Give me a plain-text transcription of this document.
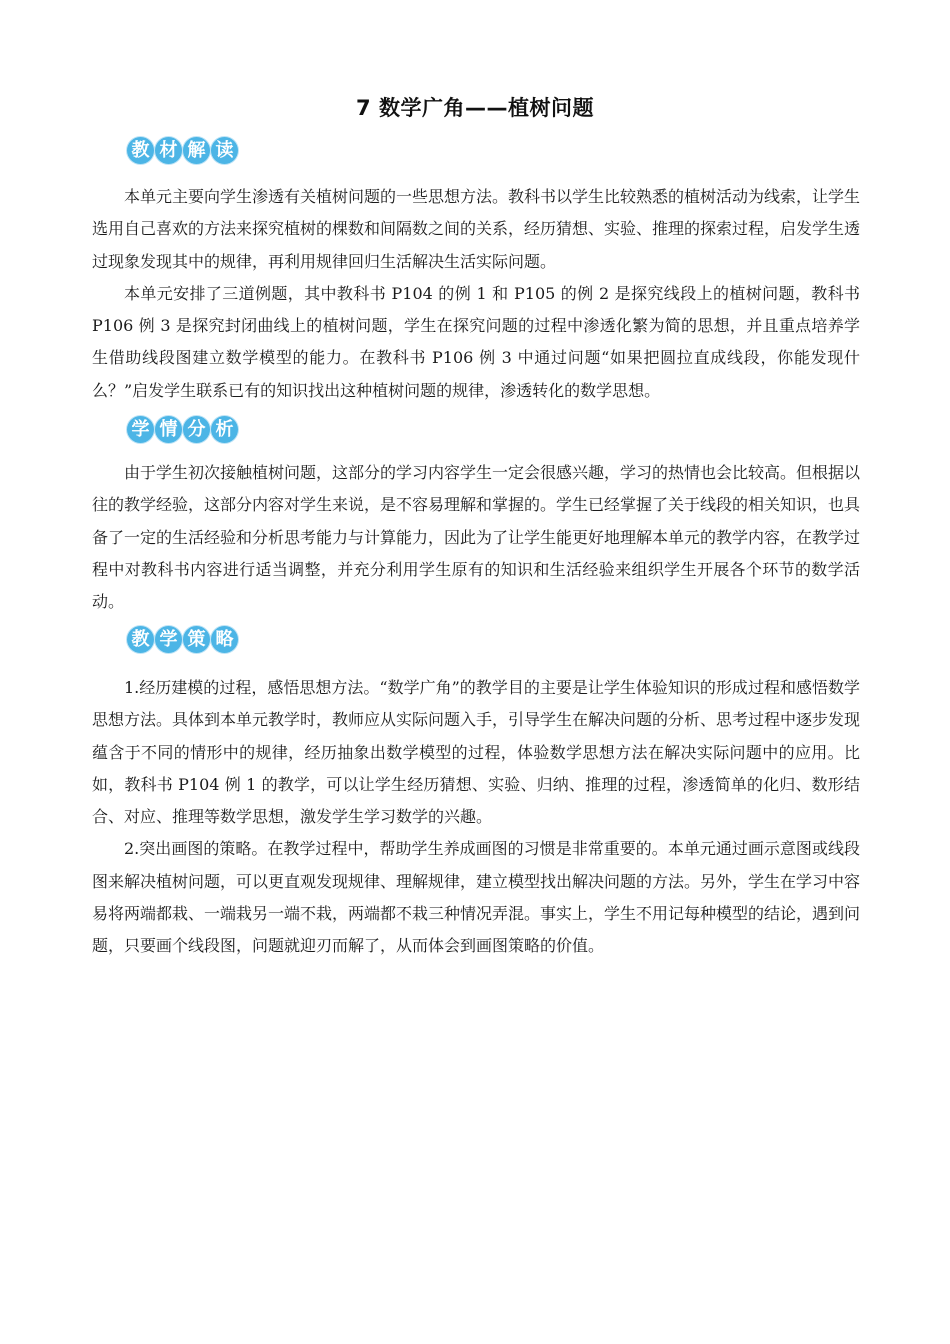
7 数学广角——植树问题
教 材 解 读

本单元主要向学生渗透有关植树问题的一些思想方法。教科书以学生比较熟悉的植树活动为线索，让学生选用自己喜欢的方法来探究植树的棵数和间隔数之间的关系，经历猜想、实验、推理的探索过程，启发学生透过现象发现其中的规律，再利用规律回归生活解决生活实际问题。

本单元安排了三道例题，其中教科书 P104 的例 1 和 P105 的例 2 是探究线段上的植树问题，教科书 P106 例 3 是探究封闭曲线上的植树问题，学生在探究问题的过程中渗透化繁为简的思想，并且重点培养学生借助线段图建立数学模型的能力。在教科书 P106 例 3 中通过问题“如果把圆拉直成线段，你能发现什么？”启发学生联系已有的知识找出这种植树问题的规律，渗透转化的数学思想。

学 情 分 析

由于学生初次接触植树问题，这部分的学习内容学生一定会很感兴趣，学习的热情也会比较高。但根据以往的教学经验，这部分内容对学生来说，是不容易理解和掌握的。学生已经掌握了关于线段的相关知识，也具备了一定的生活经验和分析思考能力与计算能力，因此为了让学生能更好地理解本单元的教学内容，在教学过程中对教科书内容进行适当调整，并充分利用学生原有的知识和生活经验来组织学生开展各个环节的数学活动。

教 学 策 略

1.经历建模的过程，感悟思想方法。“数学广角”的教学目的主要是让学生体验知识的形成过程和感悟数学思想方法。具体到本单元教学时，教师应从实际问题入手，引导学生在解决问题的分析、思考过程中逐步发现蕴含于不同的情形中的规律，经历抽象出数学模型的过程，体验数学思想方法在解决实际问题中的应用。比如，教科书 P104 例 1 的教学，可以让学生经历猜想、实验、归纳、推理的过程，渗透简单的化归、数形结合、对应、推理等数学思想，激发学生学习数学的兴趣。

2.突出画图的策略。在教学过程中，帮助学生养成画图的习惯是非常重要的。本单元通过画示意图或线段图来解决植树问题，可以更直观发现规律、理解规律，建立模型找出解决问题的方法。另外，学生在学习中容易将两端都栽、一端栽另一端不栽，两端都不栽三种情况弄混。事实上，学生不用记每种模型的结论，遇到问题，只要画个线段图，问题就迎刃而解了，从而体会到画图策略的价值。
